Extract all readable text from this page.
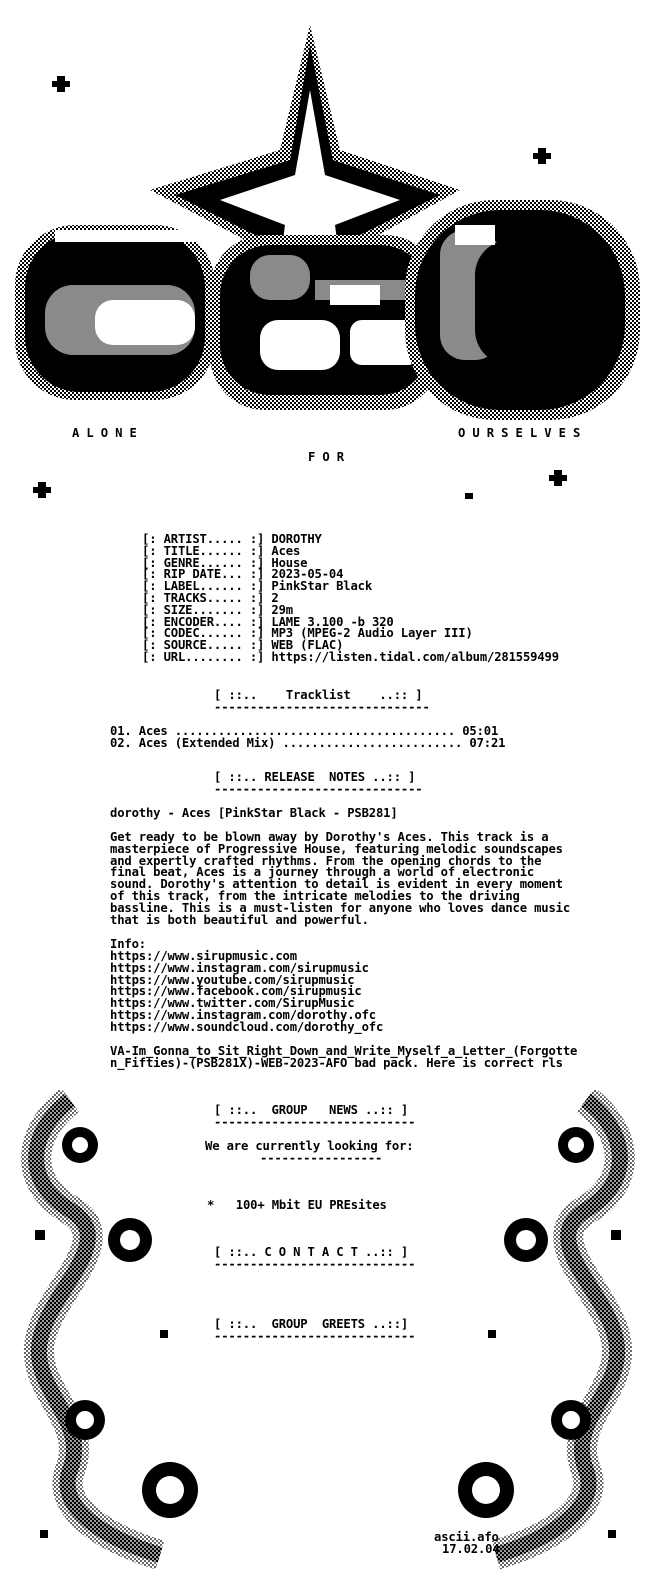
A L O N E	O U R S E L V E S
F O R
[: ARTIST..... :] DOROTHY
[: TITLE...... :] Aces
[: GENRE...... :] House
[: RIP DATE... :] 2023-05-04
[: LABEL...... :] PinkStar Black
[: TRACKS..... :] 2
[: SIZE....... :] 29m
[: ENCODER.... :] LAME 3.100 -b 320
[: CODEC...... :] MP3 (MPEG-2 Audio Layer III)
[: SOURCE..... :] WEB (FLAC)
[: URL........ :] https://listen.tidal.com/album/281559499
[ ::..    Tracklist    ..:: ]
------------------------------
01. Aces ....................................... 05:01
02. Aces (Extended Mix) ......................... 07:21
[ ::.. RELEASE  NOTES ..:: ]
-----------------------------
dorothy - Aces [PinkStar Black - PSB281]
Get ready to be blown away by Dorothy's Aces. This track is a
masterpiece of Progressive House, featuring melodic soundscapes
and expertly crafted rhythms. From the opening chords to the
final beat, Aces is a journey through a world of electronic
sound. Dorothy's attention to detail is evident in every moment
of this track, from the intricate melodies to the driving
bassline. This is a must-listen for anyone who loves dance music
that is both beautiful and powerful.
Info:
https://www.sirupmusic.com
https://www.instagram.com/sirupmusic
https://www.youtube.com/sirupmusic
https://www.facebook.com/sirupmusic
https://www.twitter.com/SirupMusic
https://www.instagram.com/dorothy.ofc
https://www.soundcloud.com/dorothy_ofc
VA-Im_Gonna_to_Sit_Right_Down_and_Write_Myself_a_Letter_(Forgotte
n_Fifties)-(PSB281X)-WEB-2023-AFO bad pack. Here is correct rls
[ ::..  GROUP   NEWS ..:: ]
----------------------------
We are currently looking for:
-----------------
*   100+ Mbit EU PREsites
[ ::.. C O N T A C T ..:: ]
----------------------------
[ ::..  GROUP  GREETS ..::]
----------------------------
ascii.afo
17.02.04
